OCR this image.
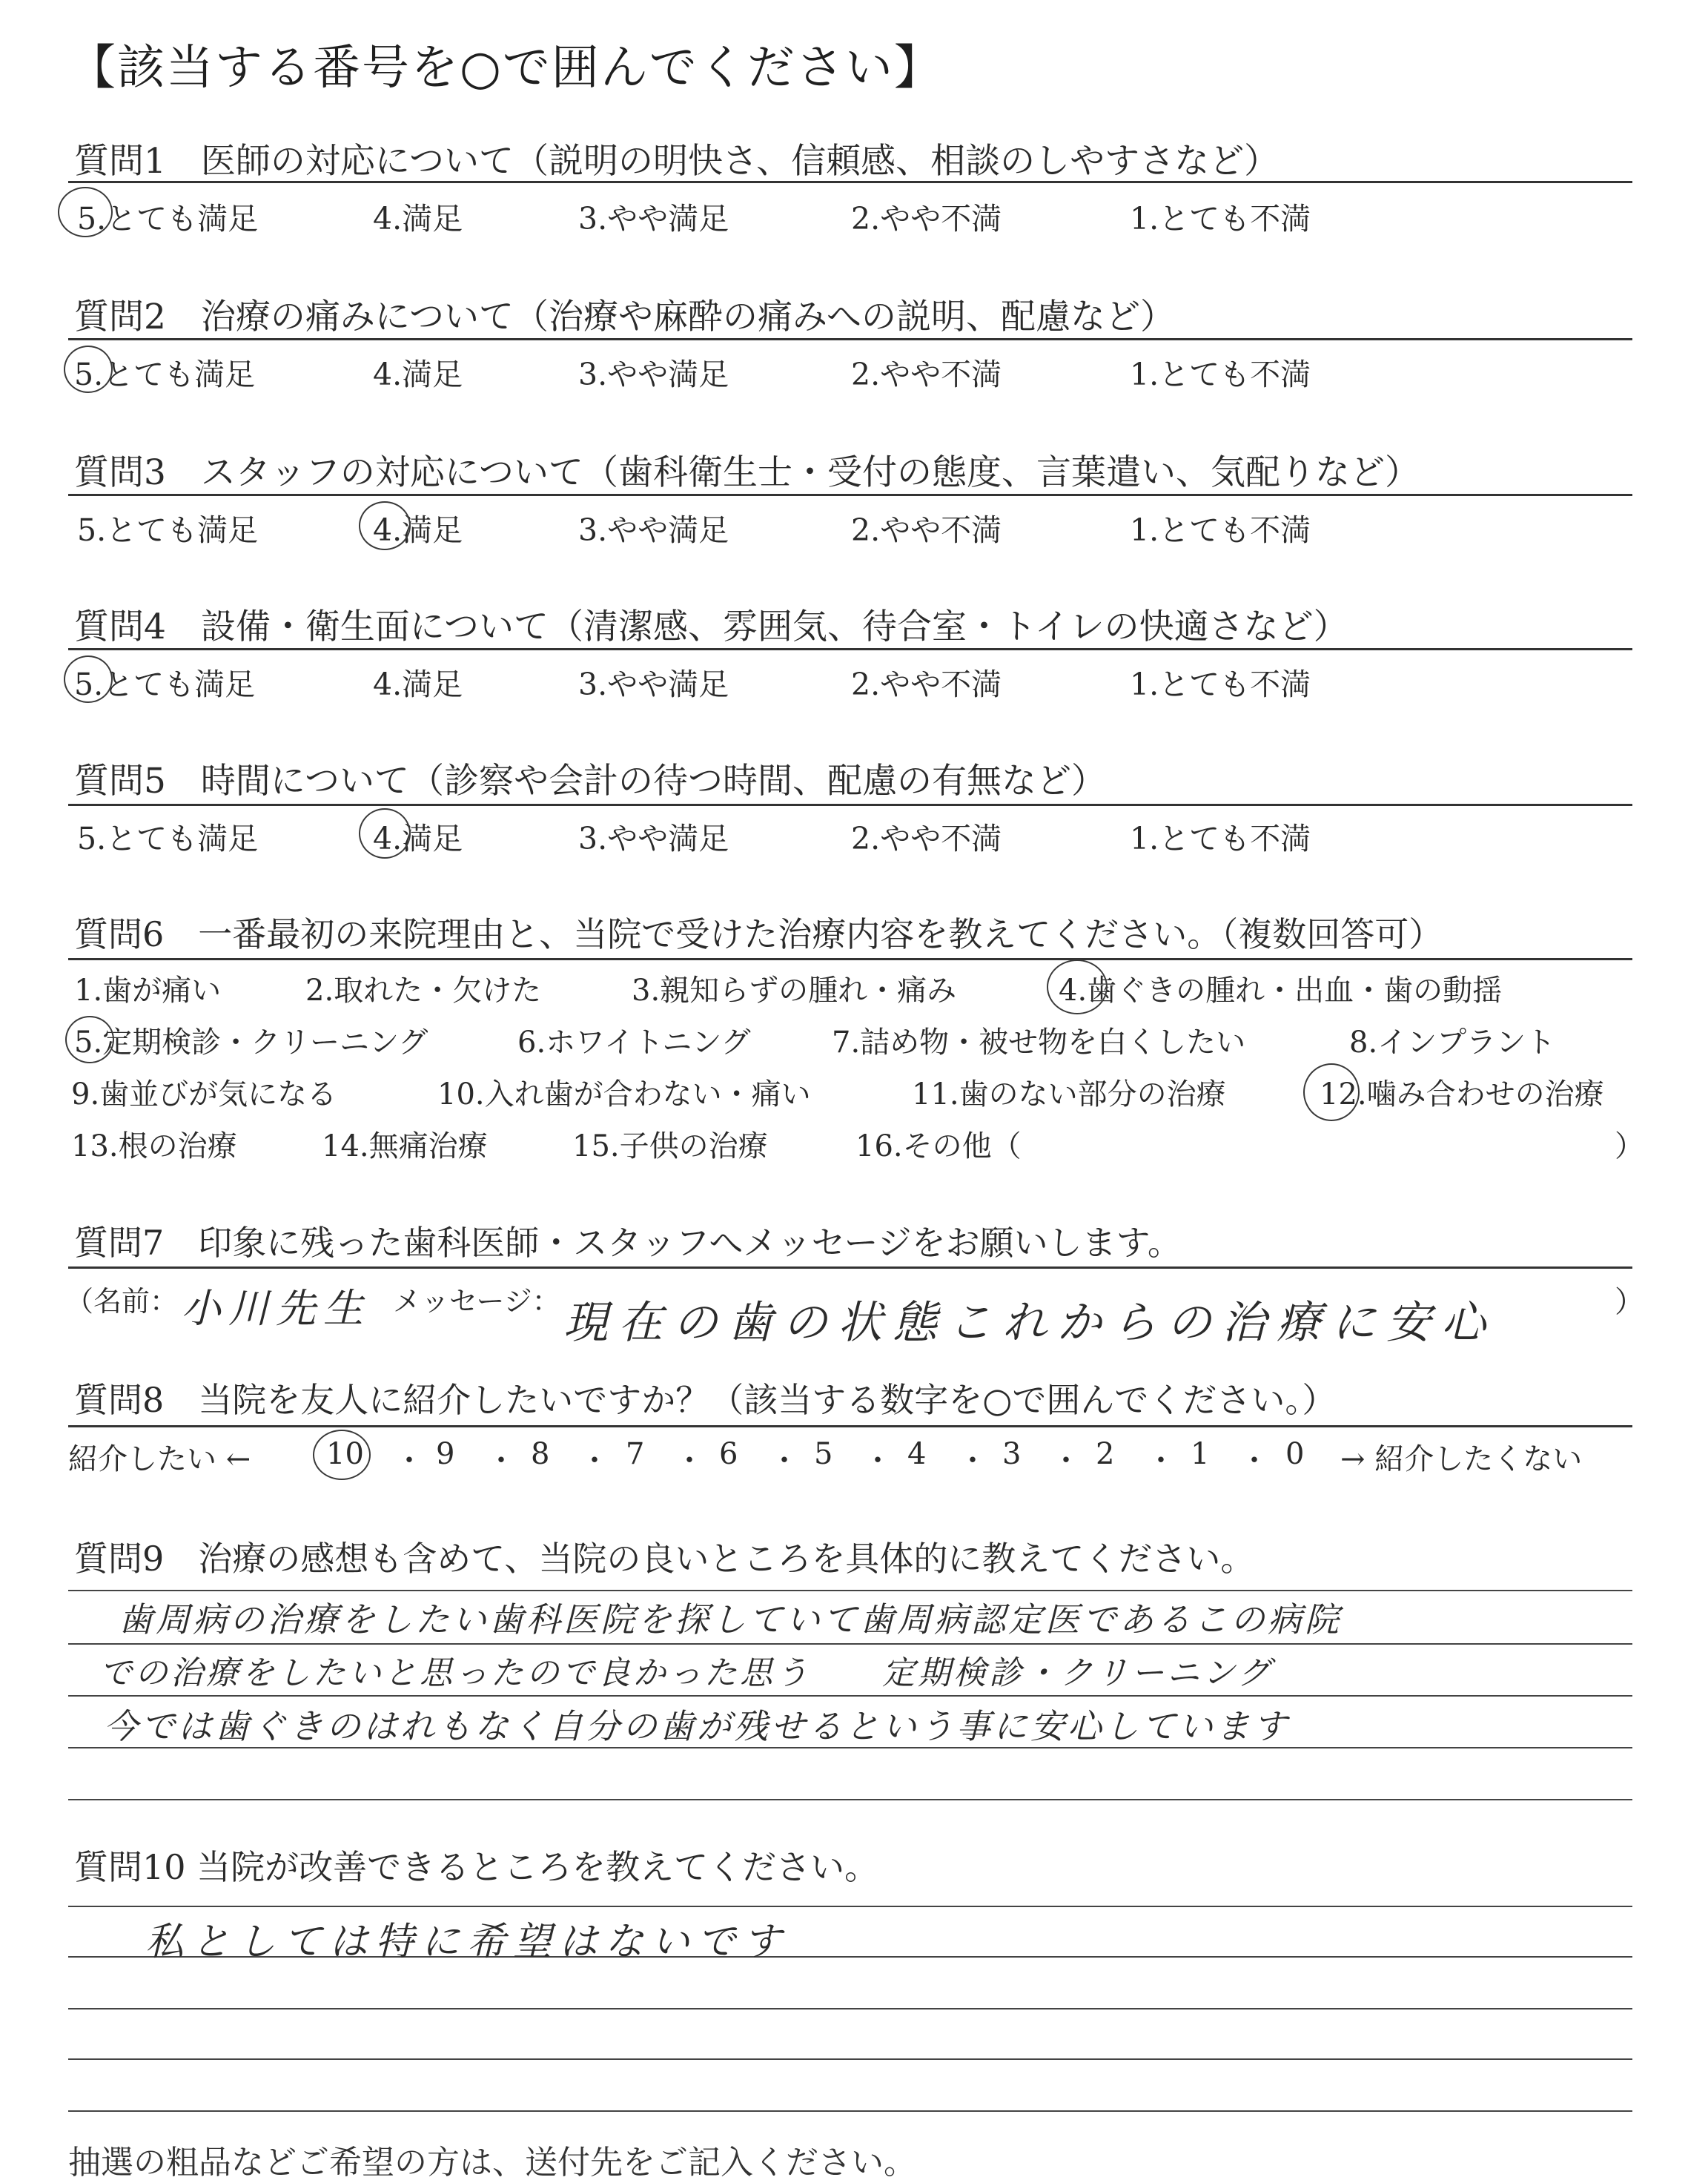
【該当する番号を○で囲んでください】
質問1　医師の対応について（説明の明快さ、信頼感、相談のしやすさなど）
5.とても満足	4.満足	3.やや満足	2.やや不満	1.とても不満
質問2　治療の痛みについて（治療や麻酔の痛みへの説明、配慮など）
5.とても満足	4.満足	3.やや満足	2.やや不満	1.とても不満
質問3　スタッフの対応について（歯科衛生士・受付の態度、言葉遣い、気配りなど）
5.とても満足	4.満足	3.やや満足	2.やや不満	1.とても不満
質問4　設備・衛生面について（清潔感、雰囲気、待合室・トイレの快適さなど）
5.とても満足	4.満足	3.やや満足	2.やや不満	1.とても不満
質問5　時間について（診察や会計の待つ時間、配慮の有無など）
5.とても満足	4.満足	3.やや満足	2.やや不満	1.とても不満
質問6　一番最初の来院理由と、当院で受けた治療内容を教えてください。（複数回答可）
1.歯が痛い	2.取れた・欠けた	3.親知らずの腫れ・痛み	4.歯ぐきの腫れ・出血・歯の動揺
5.定期検診・クリーニング	6.ホワイトニング	7.詰め物・被せ物を白くしたい	8.インプラント
9.歯並びが気になる	10.入れ歯が合わない・痛い	11.歯のない部分の治療	12.噛み合わせの治療
13.根の治療	14.無痛治療	15.子供の治療	16.その他（	）
質問7　印象に残った歯科医師・スタッフへメッセージをお願いします。
（名前： 小川先生 メッセージ： 現在の歯の状態これからの治療に安心	）
質問8　当院を友人に紹介したいですか？（該当する数字を○で囲んでください。）
紹介したい ←	10 ・ 9 ・ 8 ・ 7 ・ 6 ・ 5 ・ 4 ・ 3 ・ 2 ・ 1 ・ 0 → 紹介したくない
質問9　治療の感想も含めて、当院の良いところを具体的に教えてください。
歯周病の治療をしたい歯科医院を探していて歯周病認定医であるこの病院
での治療をしたいと思ったので良かった思う　　定期検診・クリーニング
今では歯ぐきのはれもなく自分の歯が残せるという事に安心しています
質問10 当院が改善できるところを教えてください。
私としては特に希望はないです
抽選の粗品などご希望の方は、送付先をご記入ください。
